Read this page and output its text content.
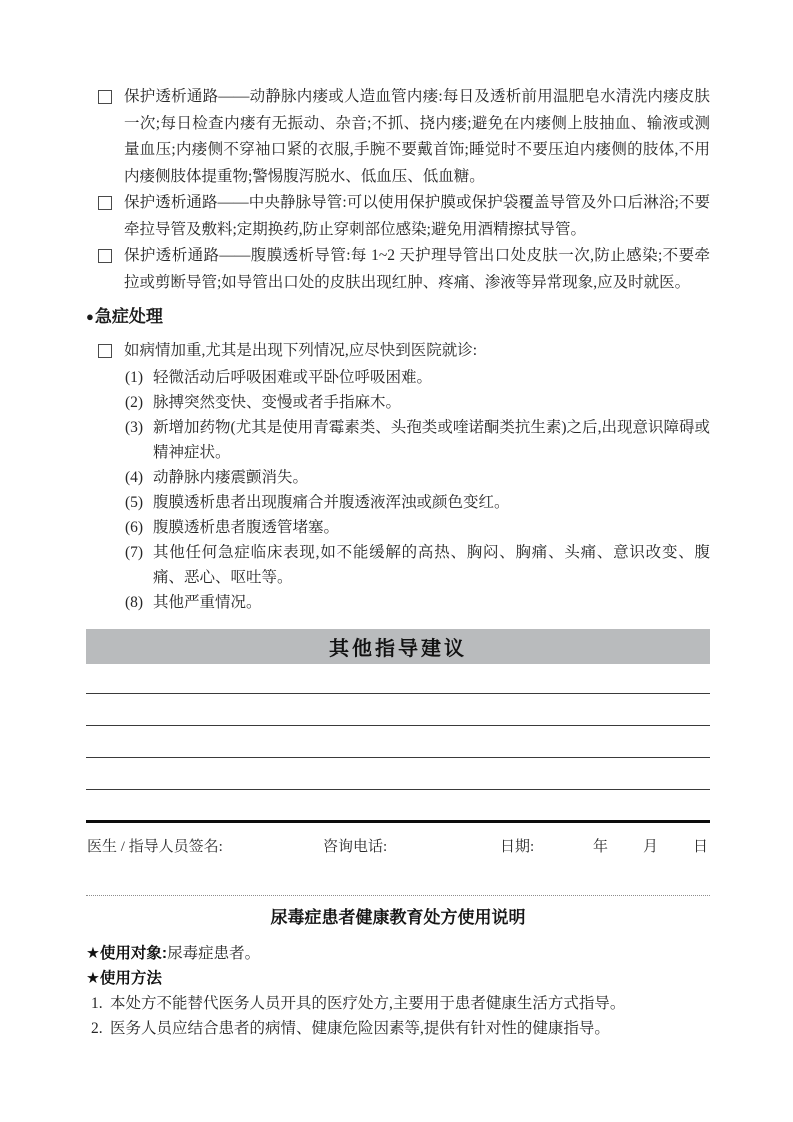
保护透析通路——动静脉内瘘或人造血管内瘘:每日及透析前用温肥皂水清洗内瘘皮肤一次;每日检查内瘘有无振动、杂音;不抓、挠内瘘;避免在内瘘侧上肢抽血、输液或测量血压;内瘘侧不穿袖口紧的衣服,手腕不要戴首饰;睡觉时不要压迫内瘘侧的肢体,不用内瘘侧肢体提重物;警惕腹泻脱水、低血压、低血糖。
保护透析通路——中央静脉导管:可以使用保护膜或保护袋覆盖导管及外口后淋浴;不要牵拉导管及敷料;定期换药,防止穿刺部位感染;避免用酒精擦拭导管。
保护透析通路——腹膜透析导管:每 1~2 天护理导管出口处皮肤一次,防止感染;不要牵拉或剪断导管;如导管出口处的皮肤出现红肿、疼痛、渗液等异常现象,应及时就医。
● 急症处理
如病情加重,尤其是出现下列情况,应尽快到医院就诊:
(1) 轻微活动后呼吸困难或平卧位呼吸困难。
(2) 脉搏突然变快、变慢或者手指麻木。
(3) 新增加药物(尤其是使用青霉素类、头孢类或喹诺酮类抗生素)之后,出现意识障碍或精神症状。
(4) 动静脉内瘘震颤消失。
(5) 腹膜透析患者出现腹痛合并腹透液浑浊或颜色变红。
(6) 腹膜透析患者腹透管堵塞。
(7) 其他任何急症临床表现,如不能缓解的高热、胸闷、胸痛、头痛、意识改变、腹痛、恶心、呕吐等。
(8) 其他严重情况。
其他指导建议
医生 / 指导人员签名:	咨询电话:	日期:	年 月 日
尿毒症患者健康教育处方使用说明
★使用对象:尿毒症患者。
★使用方法
1. 本处方不能替代医务人员开具的医疗处方,主要用于患者健康生活方式指导。
2. 医务人员应结合患者的病情、健康危险因素等,提供有针对性的健康指导。
